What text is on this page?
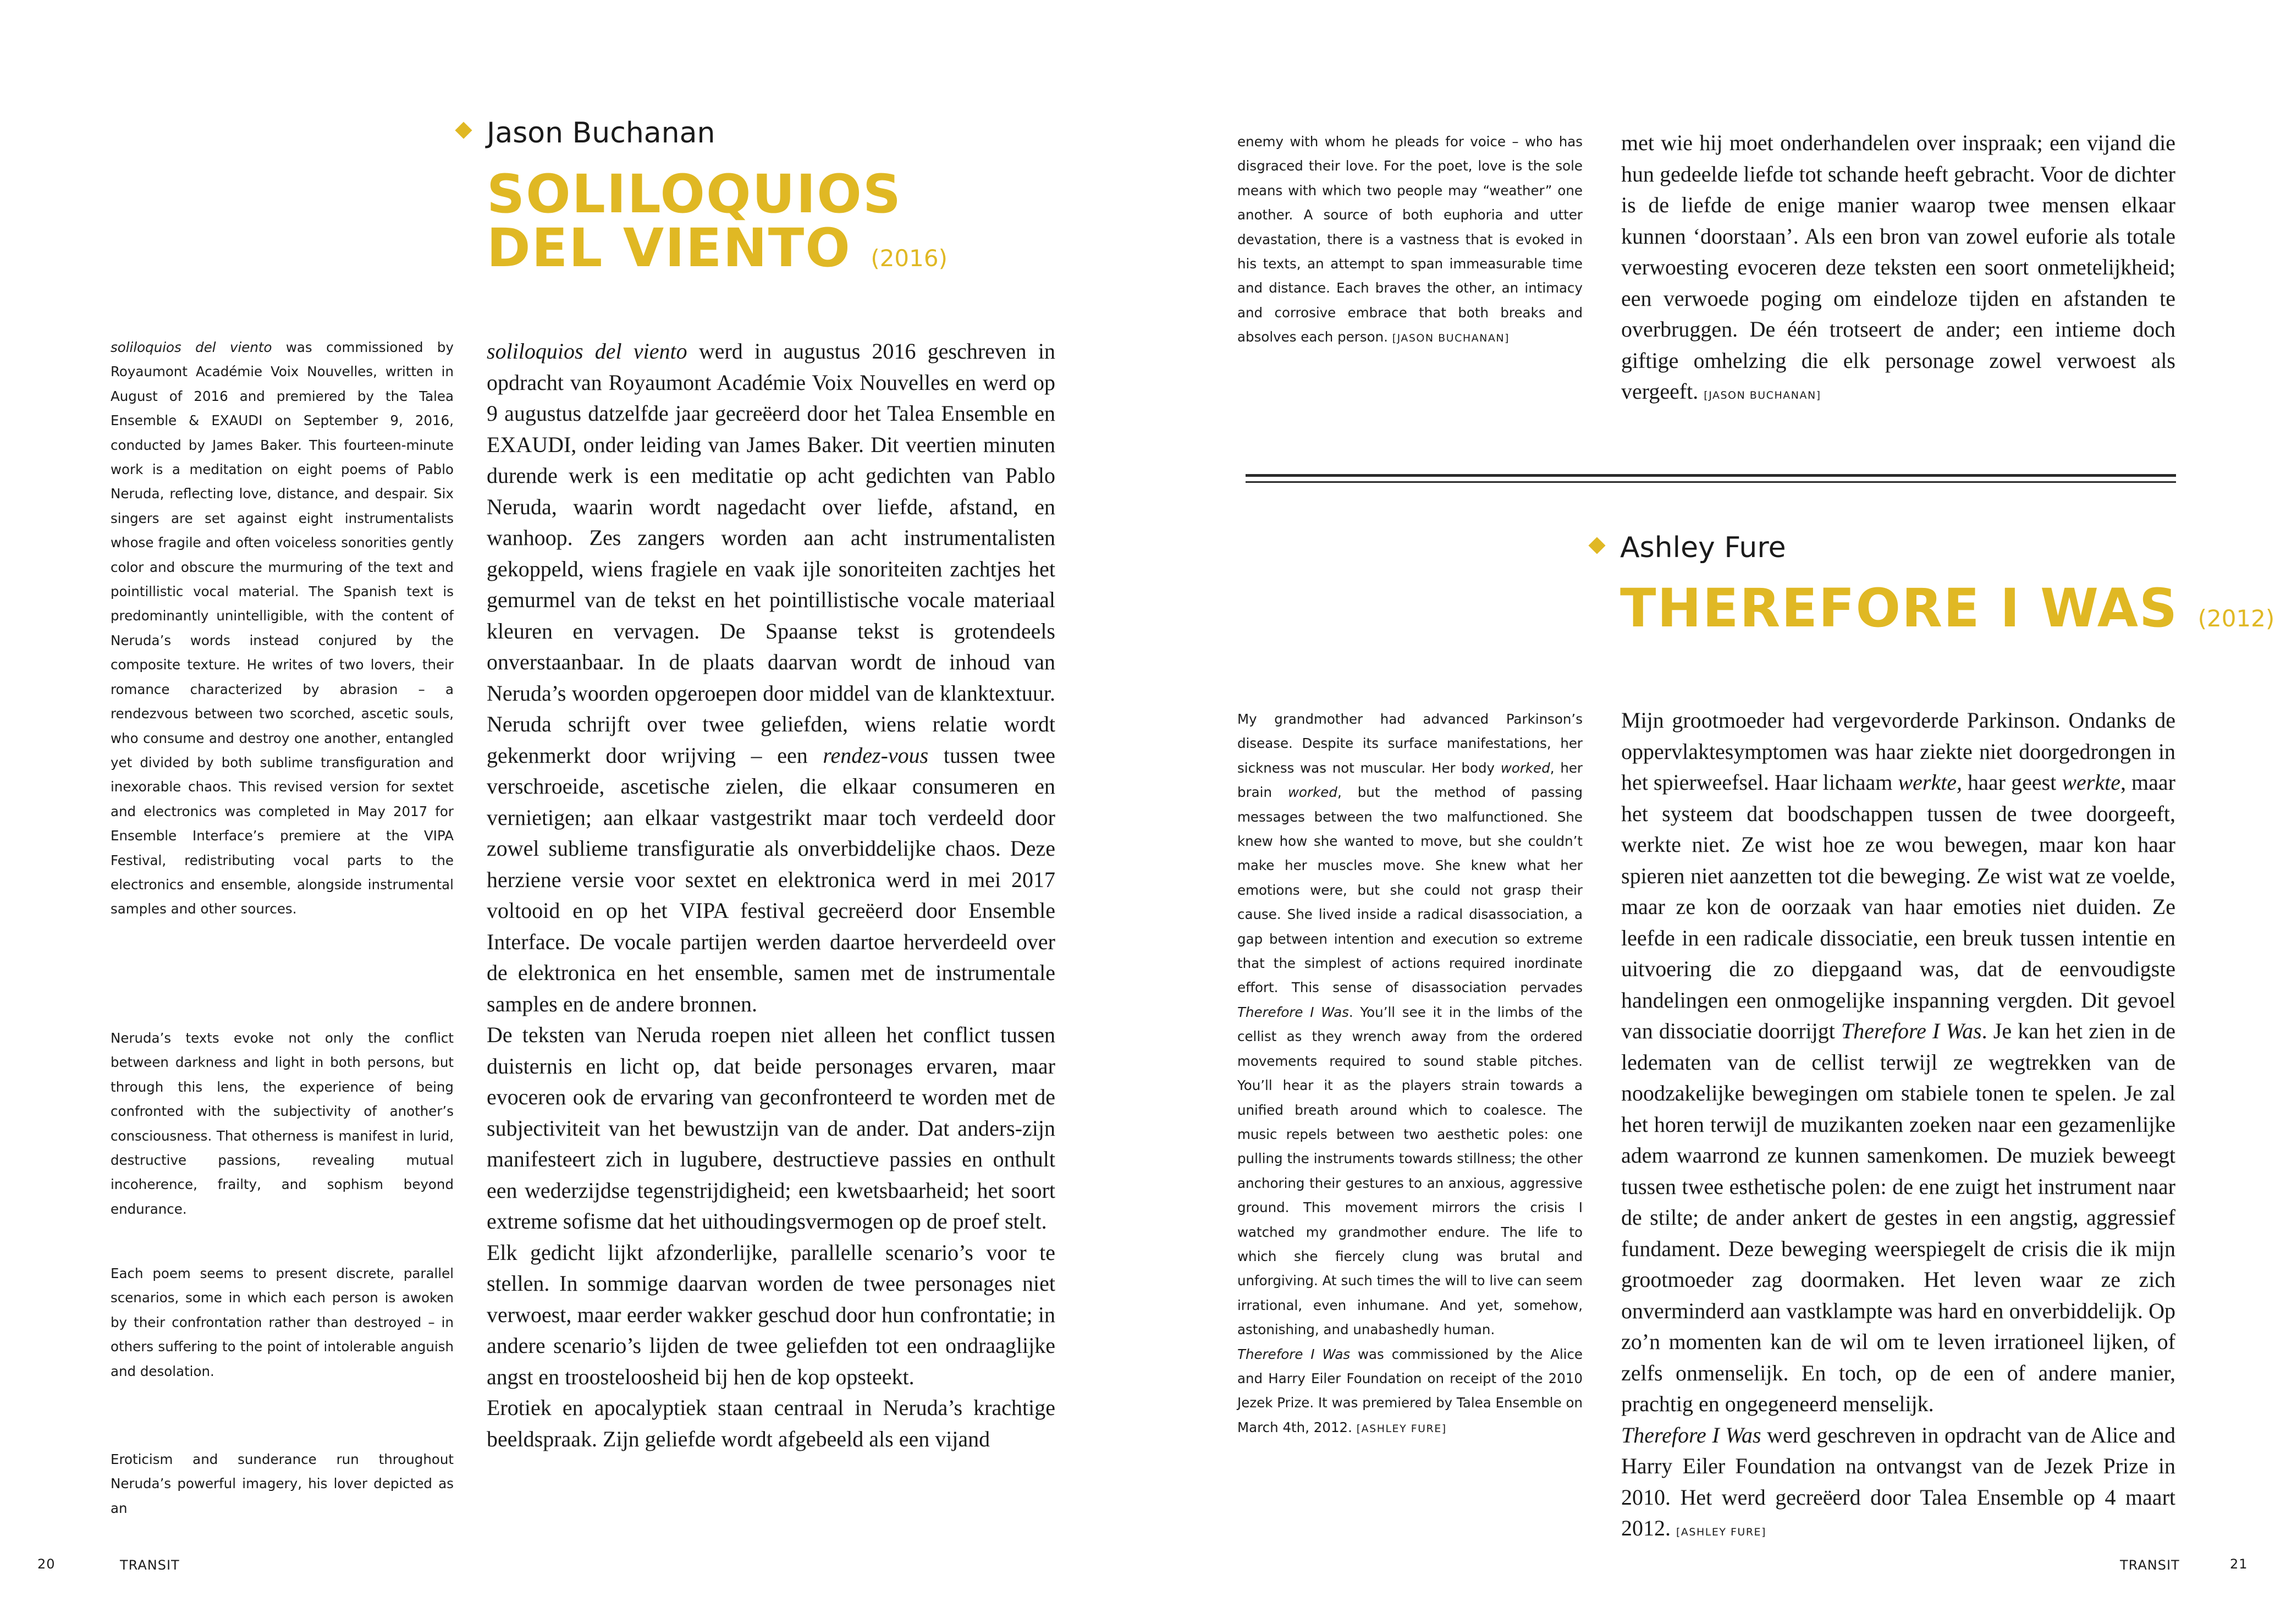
Jason Buchanan
SOLILOQUIOS
DEL VIENTO (2016)

soliloquios del viento was commissioned by Royaumont Académie Voix Nouvelles, written in August of 2016 and premiered by the Talea Ensemble & EXAUDI on September 9, 2016, conducted by James Baker. This fourteen-minute work is a meditation on eight poems of Pablo Neruda, reflecting love, distance, and despair. Six singers are set against eight instrumentalists whose fragile and often voiceless sonorities gently color and obscure the murmuring of the text and pointillistic vocal material. The Spanish text is predominantly unintelligible, with the content of Neruda’s words instead conjured by the composite texture. He writes of two lovers, their romance characterized by abrasion – a rendezvous between two scorched, ascetic souls, who consume and destroy one another, entangled yet divided by both sublime transfiguration and inexorable chaos. This revised version for sextet and electronics was completed in May 2017 for Ensemble Interface’s premiere at the VIPA Festival, redistributing vocal parts to the electronics and ensemble, alongside instrumental samples and other sources.

Neruda’s texts evoke not only the conflict between darkness and light in both persons, but through this lens, the experience of being confronted with the subjectivity of another’s consciousness. That otherness is manifest in lurid, destructive passions, revealing mutual incoherence, frailty, and sophism beyond endurance.
Each poem seems to present discrete, parallel scenarios, some in which each person is awoken by their confrontation rather than destroyed – in others suffering to the point of intolerable anguish and desolation.
Eroticism and sunderance run throughout Neruda’s powerful imagery, his lover depicted as an

soliloquios del viento werd in augustus 2016 geschreven in opdracht van Royaumont Académie Voix Nouvelles en werd op 9 augustus datzelfde jaar gecreëerd door het Talea Ensemble en EXAUDI, onder leiding van James Baker. Dit veertien minuten durende werk is een meditatie op acht gedichten van Pablo Neruda, waarin wordt nagedacht over liefde, afstand, en wanhoop. Zes zangers worden aan acht instrumentalisten gekoppeld, wiens fragiele en vaak ijle sonoriteiten zachtjes het gemurmel van de tekst en het pointillistische vocale materiaal kleuren en vervagen. De Spaanse tekst is grotendeels onverstaanbaar. In de plaats daarvan wordt de inhoud van Neruda’s woorden opgeroepen door middel van de klanktextuur. Neruda schrijft over twee geliefden, wiens relatie wordt gekenmerkt door wrijving – een rendez-vous tussen twee verschroeide, ascetische zielen, die elkaar consumeren en vernietigen; aan elkaar vastgestrikt maar toch verdeeld door zowel sublieme transfiguratie als onverbiddelijke chaos. Deze herziene versie voor sextet en elektronica werd in mei 2017 voltooid en op het VIPA festival gecreëerd door Ensemble Interface. De vocale partijen werden daartoe herverdeeld over de elektronica en het ensemble, samen met de instrumentale samples en de andere bronnen.

De teksten van Neruda roepen niet alleen het conflict tussen duisternis en licht op, dat beide personages ervaren, maar evoceren ook de ervaring van geconfronteerd te worden met de subjectiviteit van het bewustzijn van de ander. Dat anders-zijn manifesteert zich in lugubere, destructieve passies en onthult een wederzijdse tegenstrijdigheid; een kwetsbaarheid; het soort extreme sofisme dat het uithoudingsvermogen op de proef stelt.

Elk gedicht lijkt afzonderlijke, parallelle scenario’s voor te stellen. In sommige daarvan worden de twee personages niet verwoest, maar eerder wakker geschud door hun confrontatie; in andere scenario’s lijden de twee geliefden tot een ondraaglijke angst en troosteloosheid bij hen de kop opsteekt.

Erotiek en apocalyptiek staan centraal in Neruda’s krachtige beeldspraak. Zijn geliefde wordt afgebeeld als een vijand

20	TRANSIT

enemy with whom he pleads for voice – who has disgraced their love. For the poet, love is the sole means with which two people may “weather” one another. A source of both euphoria and utter devastation, there is a vastness that is evoked in his texts, an attempt to span immeasurable time and distance. Each braves the other, an intimacy and corrosive embrace that both breaks and absolves each person. [JASON BUCHANAN]

met wie hij moet onderhandelen over inspraak; een vijand die hun gedeelde liefde tot schande heeft gebracht. Voor de dichter is de liefde de enige manier waarop twee mensen elkaar kunnen ‘doorstaan’. Als een bron van zowel euforie als totale verwoesting evoceren deze teksten een soort onmetelijkheid; een verwoede poging om eindeloze tijden en afstanden te overbruggen. De één trotseert de ander; een intieme doch giftige omhelzing die elk personage zowel verwoest als vergeeft. [JASON BUCHANAN]

Ashley Fure
THEREFORE I WAS (2012)

My grandmother had advanced Parkinson’s disease. Despite its surface manifestations, her sickness was not muscular. Her body worked, her brain worked, but the method of passing messages between the two malfunctioned. She knew how she wanted to move, but she couldn’t make her muscles move. She knew what her emotions were, but she could not grasp their cause. She lived inside a radical disassociation, a gap between intention and execution so extreme that the simplest of actions required inordinate effort. This sense of disassociation pervades Therefore I Was. You’ll see it in the limbs of the cellist as they wrench away from the ordered movements required to sound stable pitches. You’ll hear it as the players strain towards a unified breath around which to coalesce. The music repels between two aesthetic poles: one pulling the instruments towards stillness; the other anchoring their gestures to an anxious, aggressive ground. This movement mirrors the crisis I watched my grandmother endure. The life to which she fiercely clung was brutal and unforgiving. At such times the will to live can seem irrational, even inhumane. And yet, somehow, astonishing, and unabashedly human.

Therefore I Was was commissioned by the Alice and Harry Eiler Foundation on receipt of the 2010 Jezek Prize. It was premiered by Talea Ensemble on March 4th, 2012. [ASHLEY FURE]

Mijn grootmoeder had vergevorderde Parkinson. Ondanks de oppervlaktesymptomen was haar ziekte niet doorgedrongen in het spierweefsel. Haar lichaam werkte, haar geest werkte, maar het systeem dat boodschappen tussen de twee doorgeeft, werkte niet. Ze wist hoe ze wou bewegen, maar kon haar spieren niet aanzetten tot die beweging. Ze wist wat ze voelde, maar ze kon de oorzaak van haar emoties niet duiden. Ze leefde in een radicale dissociatie, een breuk tussen intentie en uitvoering die zo diepgaand was, dat de eenvoudigste handelingen een onmogelijke inspanning vergden. Dit gevoel van dissociatie doorrijgt Therefore I Was. Je kan het zien in de ledematen van de cellist terwijl ze wegtrekken van de noodzakelijke bewegingen om stabiele tonen te spelen. Je zal het horen terwijl de muzikanten zoeken naar een gezamenlijke adem waarrond ze kunnen samenkomen. De muziek beweegt tussen twee esthetische polen: de ene zuigt het instrument naar de stilte; de ander ankert de gestes in een angstig, aggressief fundament. Deze beweging weerspiegelt de crisis die ik mijn grootmoeder zag doormaken. Het leven waar ze zich onverminderd aan vastklampte was hard en onverbiddelijk. Op zo’n momenten kan de wil om te leven irrationeel lijken, of zelfs onmenselijk. En toch, op de een of andere manier, prachtig en ongegeneerd menselijk.

Therefore I Was werd geschreven in opdracht van de Alice and Harry Eiler Foundation na ontvangst van de Jezek Prize in 2010. Het werd gecreëerd door Talea Ensemble op 4 maart 2012. [ASHLEY FURE]

TRANSIT	21
